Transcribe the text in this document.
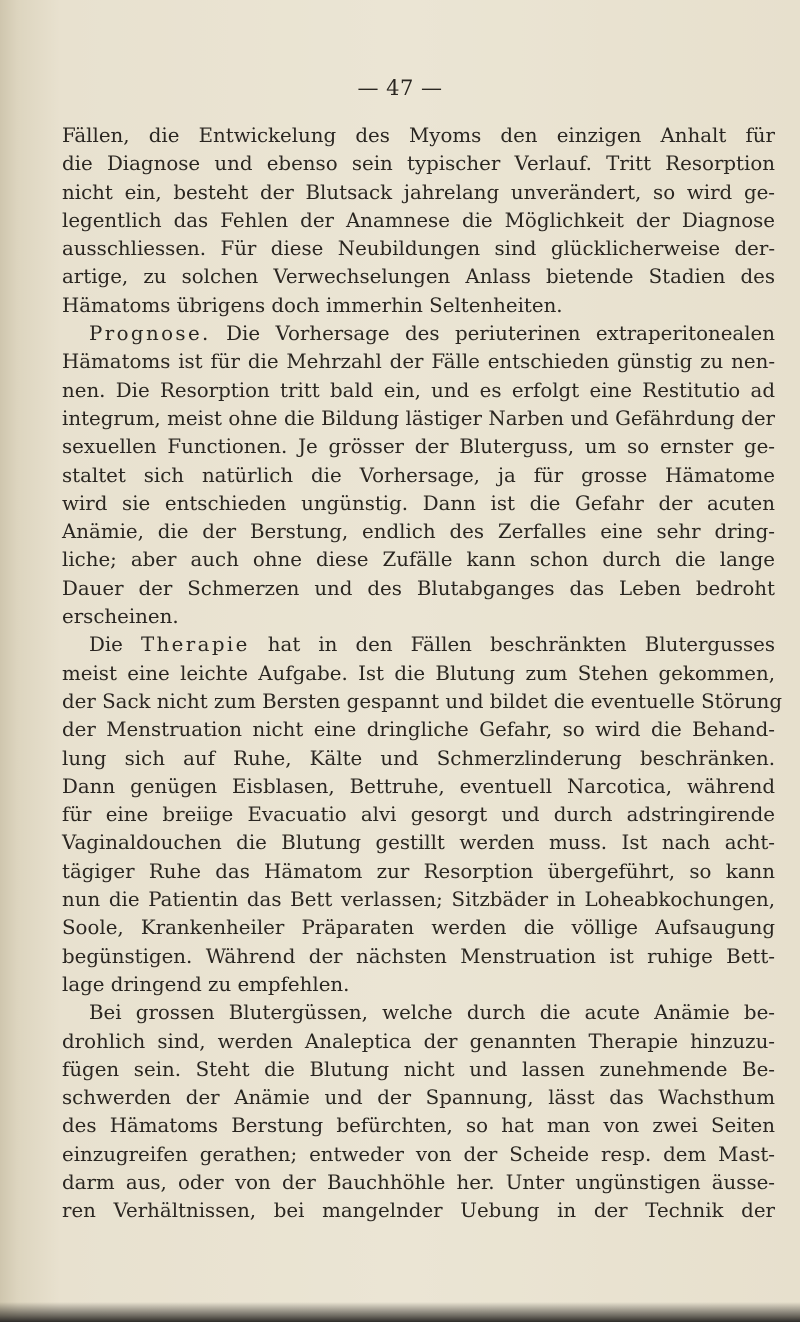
— 47 —
Fällen, die Entwickelung des Myoms den einzigen Anhalt für
die Diagnose und ebenso sein typischer Verlauf. Tritt Resorption
nicht ein, besteht der Blutsack jahrelang unverändert, so wird ge-
legentlich das Fehlen der Anamnese die Möglichkeit der Diagnose
ausschliessen. Für diese Neubildungen sind glücklicherweise der-
artige, zu solchen Verwechselungen Anlass bietende Stadien des
Hämatoms übrigens doch immerhin Seltenheiten.
Prognose. Die Vorhersage des periuterinen extraperitonealen
Hämatoms ist für die Mehrzahl der Fälle entschieden günstig zu nen-
nen. Die Resorption tritt bald ein, und es erfolgt eine Restitutio ad
integrum, meist ohne die Bildung lästiger Narben und Gefährdung der
sexuellen Functionen. Je grösser der Bluterguss, um so ernster ge-
staltet sich natürlich die Vorhersage, ja für grosse Hämatome
wird sie entschieden ungünstig. Dann ist die Gefahr der acuten
Anämie, die der Berstung, endlich des Zerfalles eine sehr dring-
liche; aber auch ohne diese Zufälle kann schon durch die lange
Dauer der Schmerzen und des Blutabganges das Leben bedroht
erscheinen.
Die Therapie hat in den Fällen beschränkten Blutergusses
meist eine leichte Aufgabe. Ist die Blutung zum Stehen gekommen,
der Sack nicht zum Bersten gespannt und bildet die eventuelle Störung
der Menstruation nicht eine dringliche Gefahr, so wird die Behand-
lung sich auf Ruhe, Kälte und Schmerzlinderung beschränken.
Dann genügen Eisblasen, Bettruhe, eventuell Narcotica, während
für eine breiige Evacuatio alvi gesorgt und durch adstringirende
Vaginaldouchen die Blutung gestillt werden muss. Ist nach acht-
tägiger Ruhe das Hämatom zur Resorption übergeführt, so kann
nun die Patientin das Bett verlassen; Sitzbäder in Loheabkochungen,
Soole, Krankenheiler Präparaten werden die völlige Aufsaugung
begünstigen. Während der nächsten Menstruation ist ruhige Bett-
lage dringend zu empfehlen.
Bei grossen Blutergüssen, welche durch die acute Anämie be-
drohlich sind, werden Analeptica der genannten Therapie hinzuzu-
fügen sein. Steht die Blutung nicht und lassen zunehmende Be-
schwerden der Anämie und der Spannung, lässt das Wachsthum
des Hämatoms Berstung befürchten, so hat man von zwei Seiten
einzugreifen gerathen; entweder von der Scheide resp. dem Mast-
darm aus, oder von der Bauchhöhle her. Unter ungünstigen äusse-
ren Verhältnissen, bei mangelnder Uebung in der Technik der
